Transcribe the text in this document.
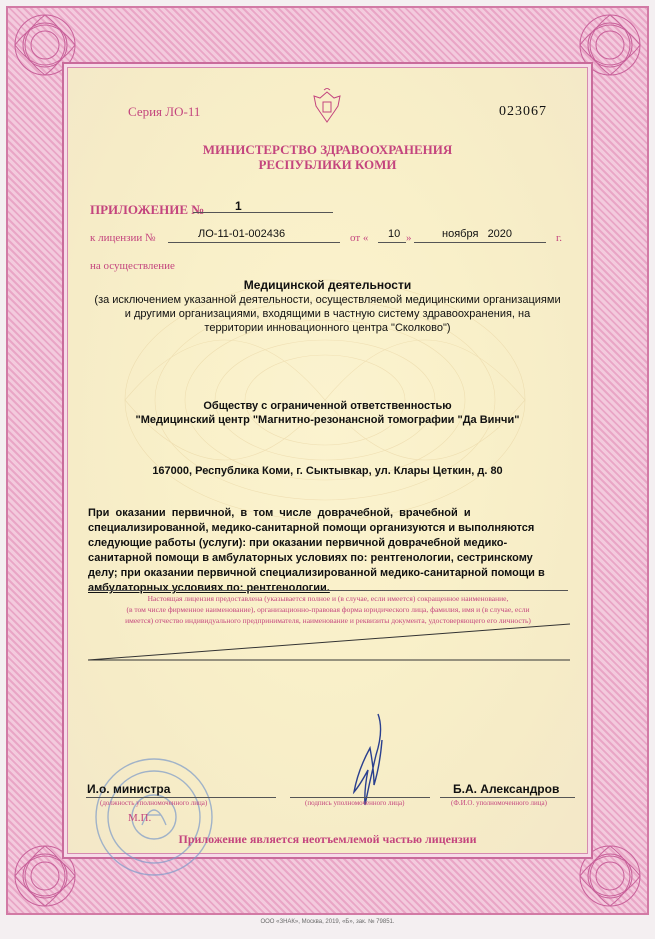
Серия ЛО-11	023067
МИНИСТЕРСТВО ЗДРАВООХРАНЕНИЯ
РЕСПУБЛИКИ КОМИ
ПРИЛОЖЕНИЕ №	1
к лицензии №	ЛО-11-01-002436	от « 10 »	ноября   2020	г.
на осуществление
Медицинской деятельности
(за исключением указанной деятельности, осуществляемой медицинскими организациями
и другими организациями, входящими в частную систему здравоохранения, на
территории инновационного центра "Сколково")
Обществу с ограниченной ответственностью
"Медицинский центр "Магнитно-резонансной томографии "Да Винчи"
167000, Республика Коми, г. Сыктывкар, ул. Клары Цеткин, д. 80
При  оказании  первичной,  в  том  числе  доврачебной,  врачебной  и
специализированной, медико-санитарной помощи организуются и выполняются
следующие работы (услуги): при оказании первичной доврачебной медико-
санитарной помощи в амбулаторных условиях по: рентгенологии, сестринскому
делу; при оказании первичной специализированной медико-санитарной помощи в
амбулаторных условиях по: рентгенологии.
Настоящая лицензия предоставлена (указывается полное и (в случае, если имеется) сокращенное наименование,
(в том числе фирменное наименование), организационно-правовая форма юридического лица, фамилия, имя и (в случае, если
имеется) отчество индивидуального предпринимателя, наименование и реквизиты документа, удостоверяющего его личность)
И.о. министра
(должность уполномоченного лица)	(подпись уполномоченного лица)
Б.А. Александров
(Ф.И.О. уполномоченного лица)
М.П.
Приложение является неотъемлемой частью лицензии
ООО «ЗНАК», Москва, 2019, «Б», зак. № 79851.
